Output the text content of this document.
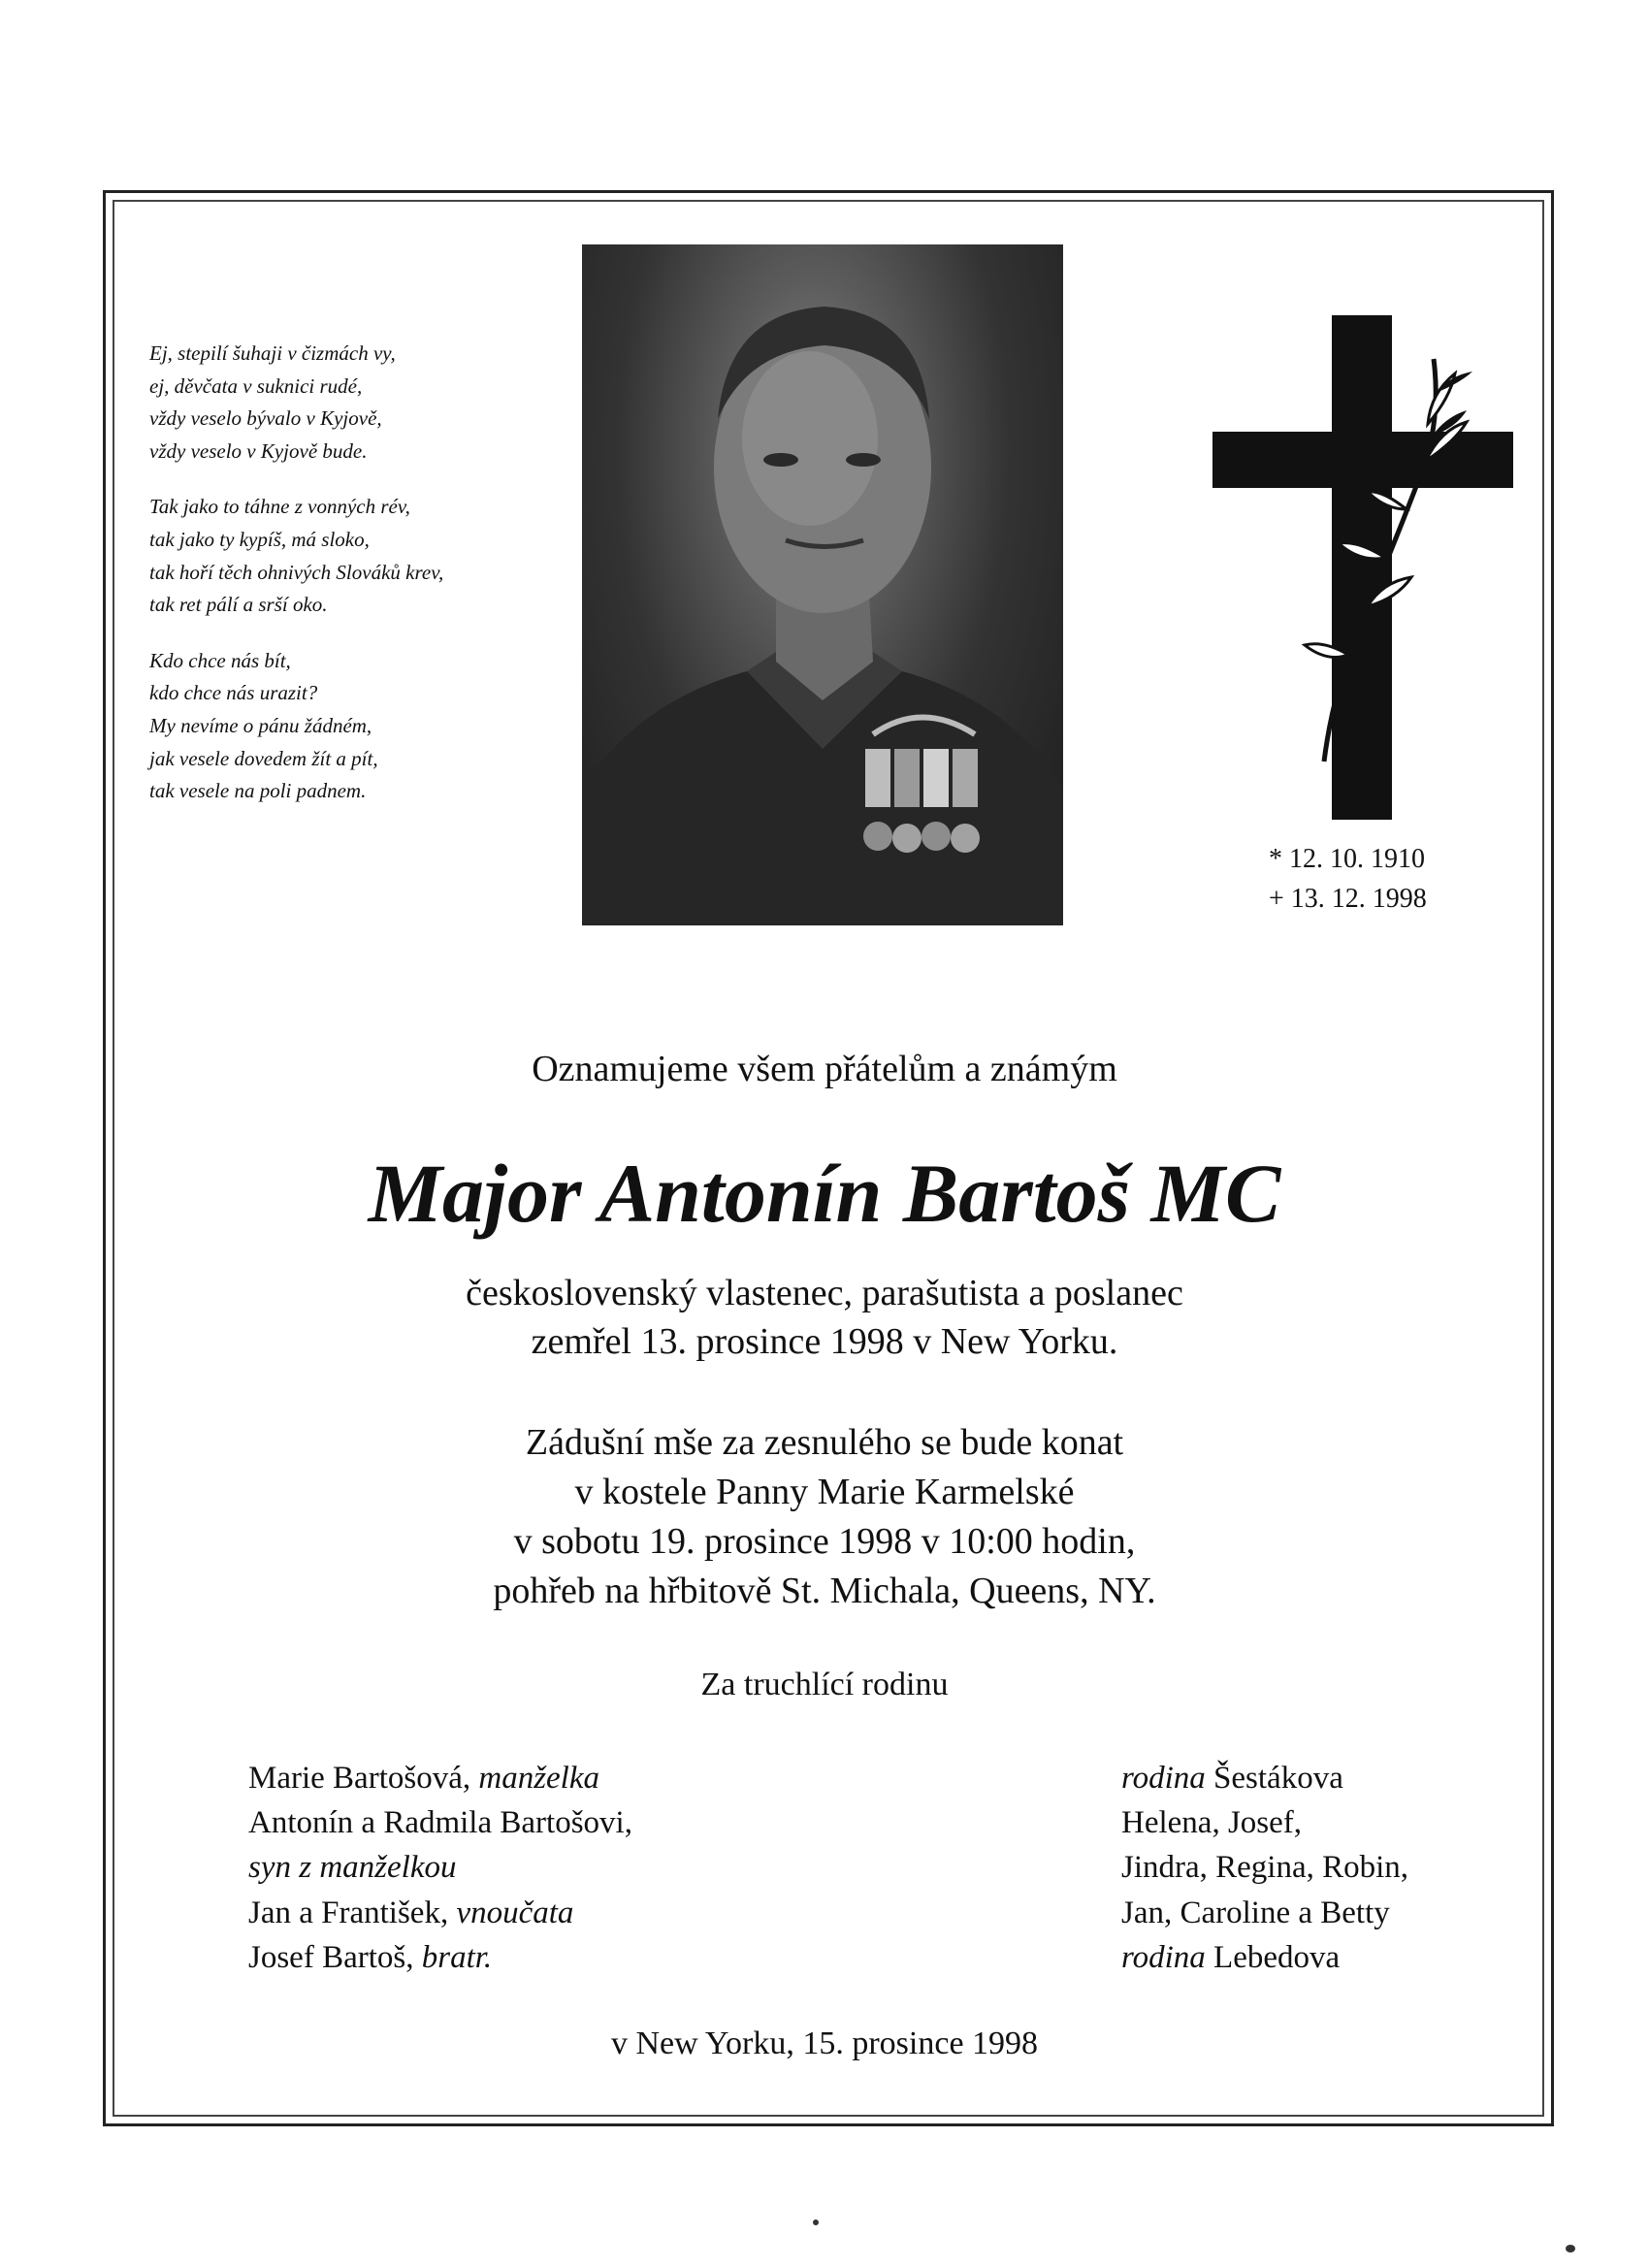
Ej, stepilí šuhaji v čizmách vy,
ej, děvčata v suknici rudé,
vždy veselo bývalo v Kyjově,
vždy veselo v Kyjově bude.
Tak jako to táhne z vonných rév,
tak jako ty kypíš, má sloko,
tak hoří těch ohnivých Slováků krev,
tak ret pálí a srší oko.
Kdo chce nás bít,
kdo chce nás urazit?
My nevíme o pánu žádném,
jak vesele dovedem žít a pít,
tak vesele na poli padnem.
* 12. 10. 1910
+ 13. 12. 1998
Oznamujeme všem přátelům a známým
Major Antonín Bartoš MC
československý vlastenec, parašutista a poslanec
zemřel 13. prosince 1998 v New Yorku.
Zádušní mše za zesnulého se bude konat
v kostele Panny Marie Karmelské
v sobotu 19. prosince 1998 v 10:00 hodin,
pohřeb na hřbitově St. Michala, Queens, NY.
Za truchlící rodinu
Marie Bartošová, manželka
Antonín a Radmila Bartošovi,
syn z manželkou
Jan a František, vnoučata
Josef Bartoš, bratr.
rodina Šestákova
Helena, Josef,
Jindra, Regina, Robin,
Jan, Caroline a Betty
rodina Lebedova
v New Yorku, 15. prosince 1998
